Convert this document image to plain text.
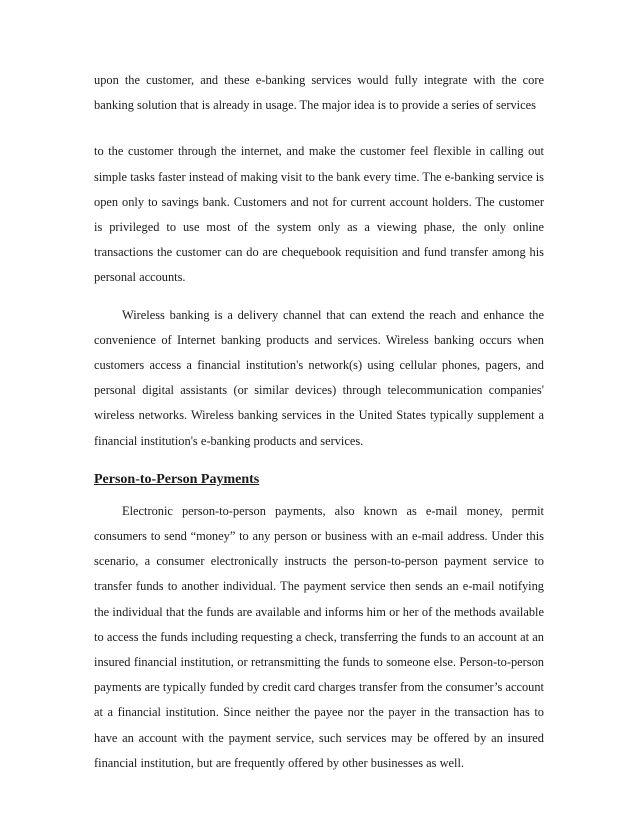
upon the customer, and these e-banking services would fully integrate with the core banking solution that is already in usage. The major idea is to provide a series of services

to the customer through the internet, and make the customer feel flexible in calling out simple tasks faster instead of making visit to the bank every time. The e-banking service is open only to savings bank. Customers and not for current account holders. The customer is privileged to use most of the system only as a viewing phase, the only online transactions the customer can do are chequebook requisition and fund transfer among his personal accounts.

Wireless banking is a delivery channel that can extend the reach and enhance the convenience of Internet banking products and services. Wireless banking occurs when customers access a financial institution's network(s) using cellular phones, pagers, and personal digital assistants (or similar devices) through telecommunication companies' wireless networks. Wireless banking services in the United States typically supplement a financial institution's e-banking products and services.

Person-to-Person Payments

Electronic person-to-person payments, also known as e-mail money, permit consumers to send “money” to any person or business with an e-mail address. Under this scenario, a consumer electronically instructs the person-to-person payment service to transfer funds to another individual. The payment service then sends an e-mail notifying the individual that the funds are available and informs him or her of the methods available to access the funds including requesting a check, transferring the funds to an account at an insured financial institution, or retransmitting the funds to someone else. Person-to-person payments are typically funded by credit card charges transfer from the consumer’s account at a financial institution. Since neither the payee nor the payer in the transaction has to have an account with the payment service, such services may be offered by an insured financial institution, but are frequently offered by other businesses as well.
